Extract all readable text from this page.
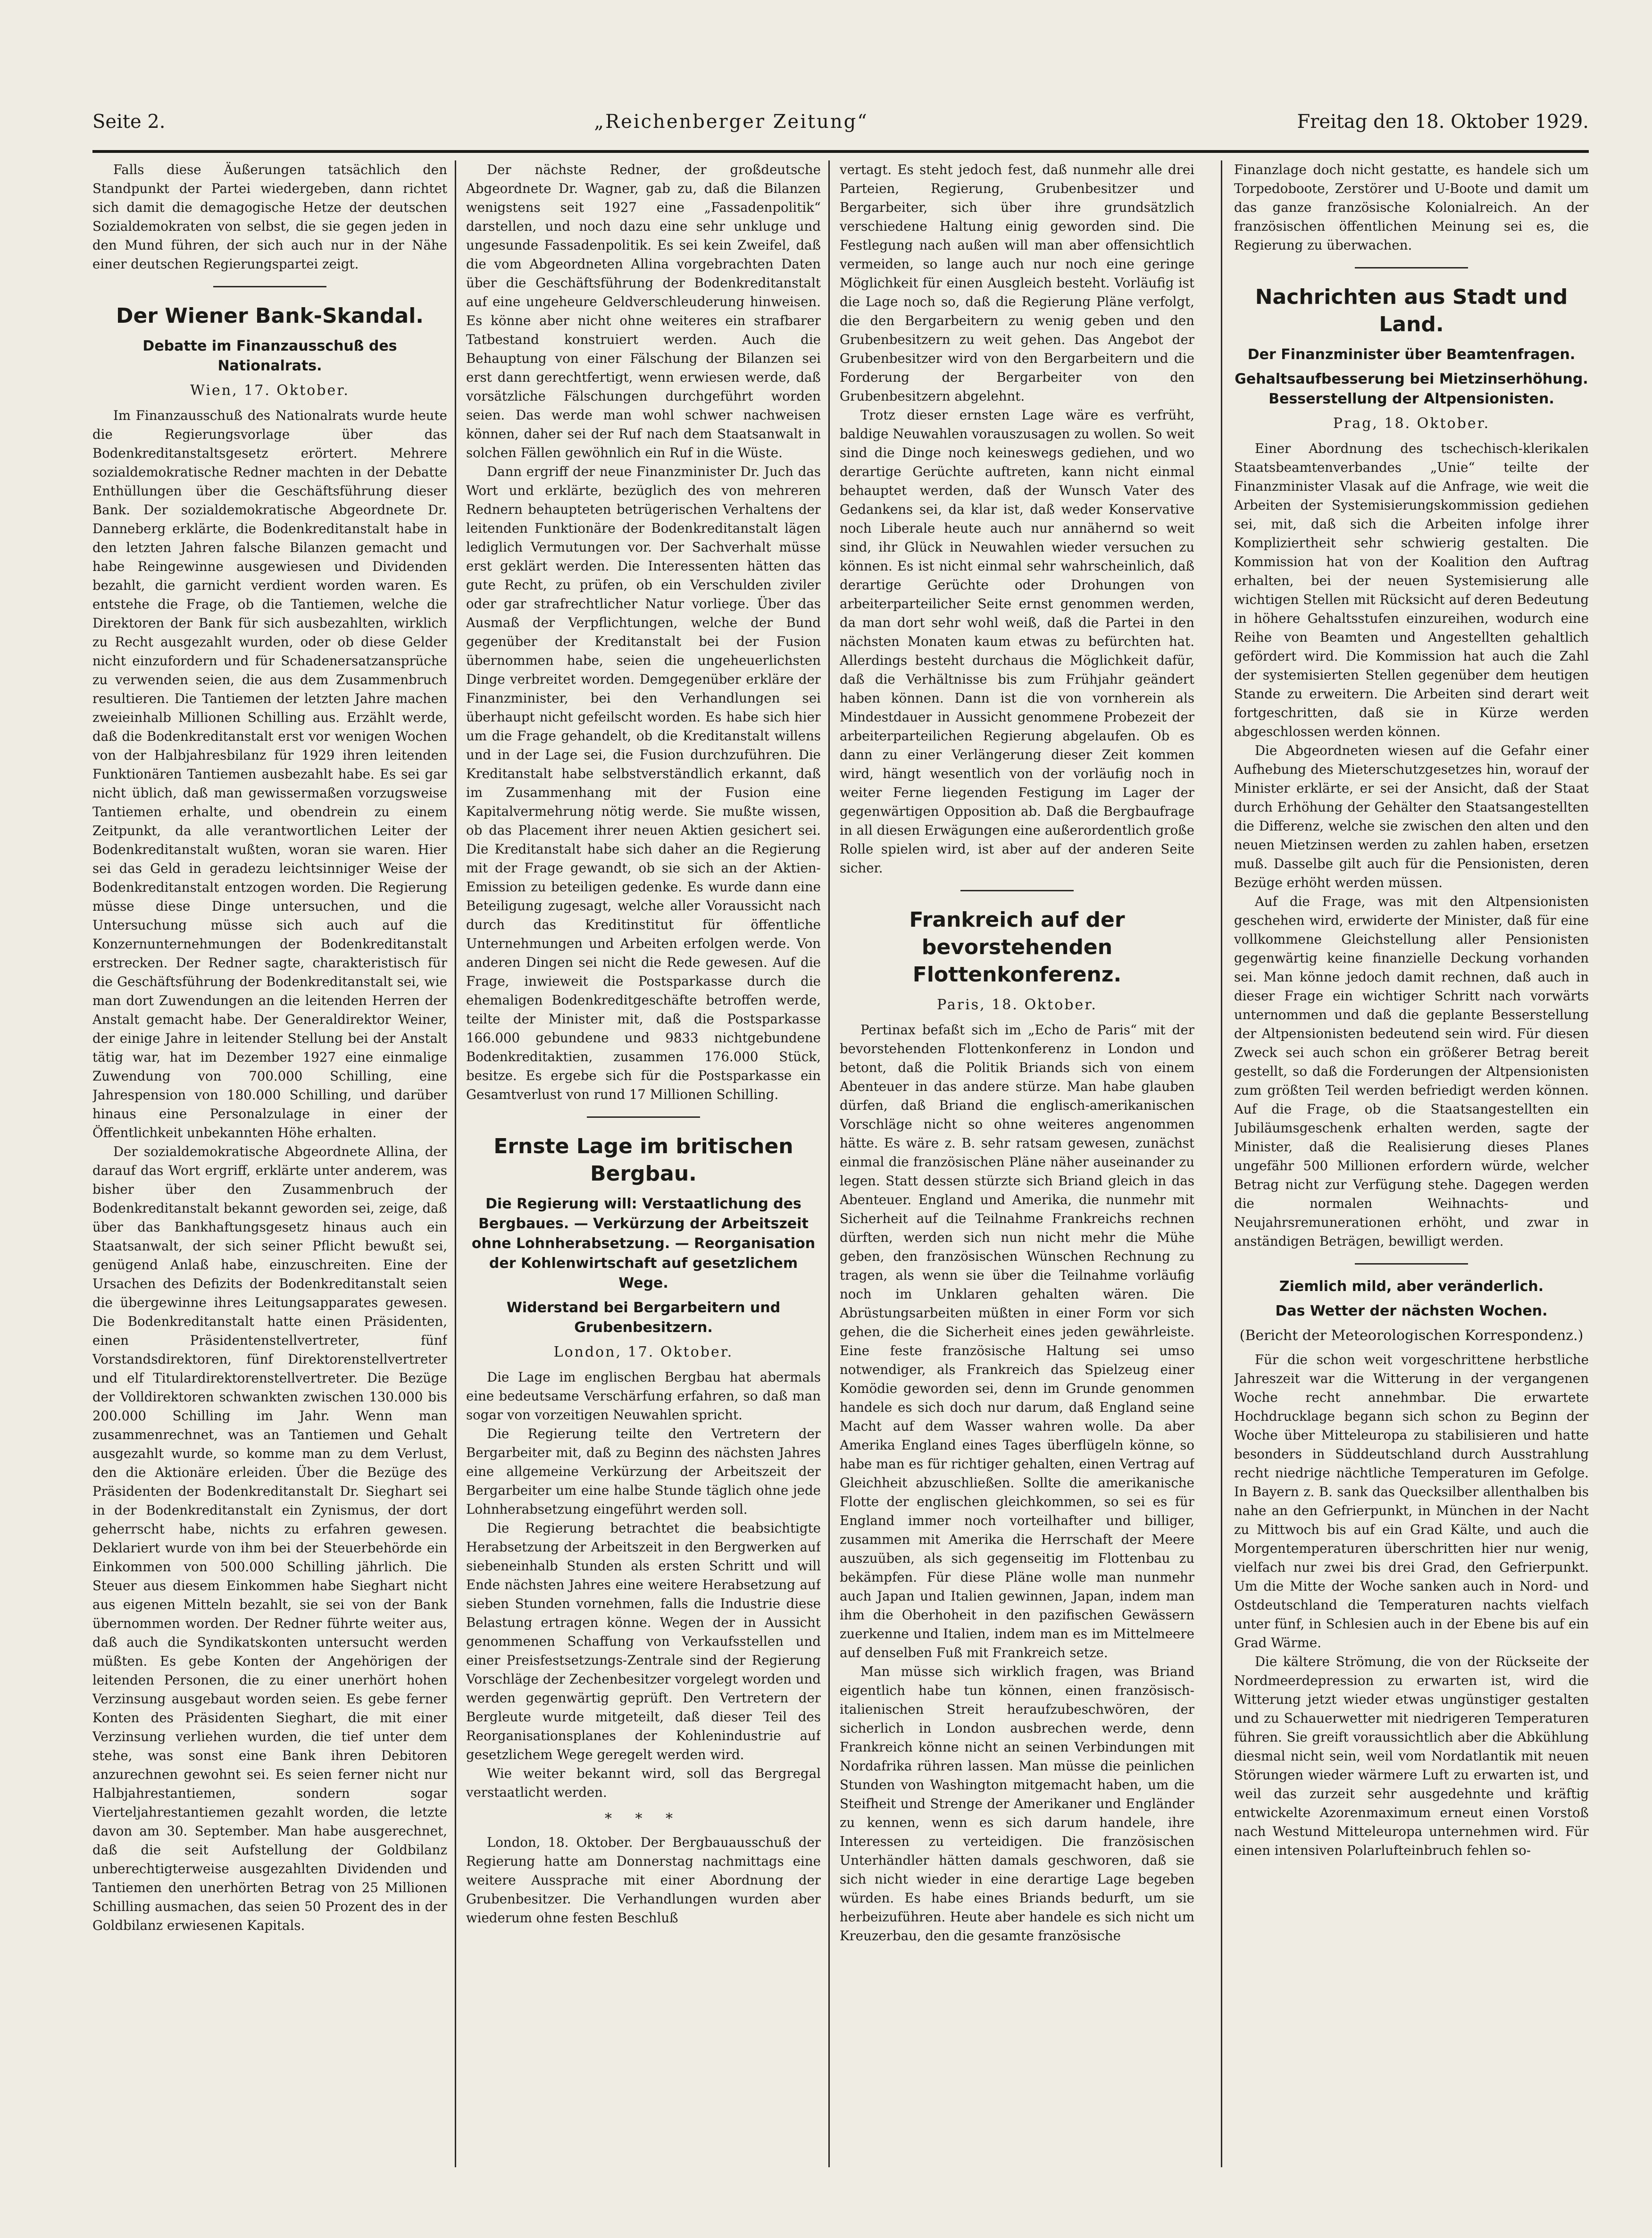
Seite 2.	„Reichenberger Zeitung“	Freitag den 18. Oktober 1929.

Falls diese Äußerungen tatsächlich den Standpunkt der Partei wiedergeben, dann richtet sich damit die demagogische Hetze der deutschen Sozialdemokraten von selbst, die sie gegen jeden in den Mund führen, der sich auch nur in der Nähe einer deutschen Regierungspartei zeigt.

Der Wiener Bank-Skandal.
Debatte im Finanzausschuß des Nationalrats.
Wien, 17. Oktober.

Im Finanzausschuß des Nationalrats wurde heute die Regierungsvorlage über das Bodenkreditanstaltsgesetz erörtert. Mehrere sozialdemokratische Redner machten in der Debatte Enthüllungen über die Geschäftsführung dieser Bank. Der sozialdemokratische Abgeordnete Dr. Danneberg erklärte, die Bodenkreditanstalt habe in den letzten Jahren falsche Bilanzen gemacht und habe Reingewinne ausgewiesen und Dividenden bezahlt, die garnicht verdient worden waren. Es entstehe die Frage, ob die Tantiemen, welche die Direktoren der Bank für sich ausbezahlten, wirklich zu Recht ausgezahlt wurden, oder ob diese Gelder nicht einzufordern und für Schadenersatzansprüche zu verwenden seien, die aus dem Zusammenbruch resultieren. Die Tantiemen der letzten Jahre machen zweieinhalb Millionen Schilling aus. Erzählt werde, daß die Bodenkreditanstalt erst vor wenigen Wochen von der Halbjahresbilanz für 1929 ihren leitenden Funktionären Tantiemen ausbezahlt habe. Es sei gar nicht üblich, daß man gewissermaßen vorzugsweise Tantiemen erhalte, und obendrein zu einem Zeitpunkt, da alle verantwortlichen Leiter der Bodenkreditanstalt wußten, woran sie waren. Hier sei das Geld in geradezu leichtsinniger Weise der Bodenkreditanstalt entzogen worden. Die Regierung müsse diese Dinge untersuchen, und die Untersuchung müsse sich auch auf die Konzernunternehmungen der Bodenkreditanstalt erstrecken. Der Redner sagte, charakteristisch für die Geschäftsführung der Bodenkreditanstalt sei, wie man dort Zuwendungen an die leitenden Herren der Anstalt gemacht habe. Der Generaldirektor Weiner, der einige Jahre in leitender Stellung bei der Anstalt tätig war, hat im Dezember 1927 eine einmalige Zuwendung von 700.000 Schilling, eine Jahrespension von 180.000 Schilling, und darüber hinaus eine Personalzulage in einer der Öffentlichkeit unbekannten Höhe erhalten.

Der sozialdemokratische Abgeordnete Allina, der darauf das Wort ergriff, erklärte unter anderem, was bisher über den Zusammenbruch der Bodenkreditanstalt bekannt geworden sei, zeige, daß über das Bankhaftungsgesetz hinaus auch ein Staatsanwalt, der sich seiner Pflicht bewußt sei, genügend Anlaß habe, einzuschreiten. Eine der Ursachen des Defizits der Bodenkreditanstalt seien die übergewinne ihres Leitungsapparates gewesen. Die Bodenkreditanstalt hatte einen Präsidenten, einen Präsidentenstellvertreter, fünf Vorstandsdirektoren, fünf Direktorenstellvertreter und elf Titulardirektorenstellvertreter. Die Bezüge der Volldirektoren schwankten zwischen 130.000 bis 200.000 Schilling im Jahr. Wenn man zusammenrechnet, was an Tantiemen und Gehalt ausgezahlt wurde, so komme man zu dem Verlust, den die Aktionäre erleiden. Über die Bezüge des Präsidenten der Bodenkreditanstalt Dr. Sieghart sei in der Bodenkreditanstalt ein Zynismus, der dort geherrscht habe, nichts zu erfahren gewesen. Deklariert wurde von ihm bei der Steuerbehörde ein Einkommen von 500.000 Schilling jährlich. Die Steuer aus diesem Einkommen habe Sieghart nicht aus eigenen Mitteln bezahlt, sie sei von der Bank übernommen worden. Der Redner führte weiter aus, daß auch die Syndikatskonten untersucht werden müßten. Es gebe Konten der Angehörigen der leitenden Personen, die zu einer unerhört hohen Verzinsung ausgebaut worden seien. Es gebe ferner Konten des Präsidenten Sieghart, die mit einer Verzinsung verliehen wurden, die tief unter dem stehe, was sonst eine Bank ihren Debitoren anzurechnen gewohnt sei. Es seien ferner nicht nur Halbjahrestantiemen, sondern sogar Vierteljahrestantiemen gezahlt worden, die letzte davon am 30. September. Man habe ausgerechnet, daß die seit Aufstellung der Goldbilanz unberechtigterweise ausgezahlten Dividenden und Tantiemen den unerhörten Betrag von 25 Millionen Schilling ausmachen, das seien 50 Prozent des in der Goldbilanz erwiesenen Kapitals.

Der nächste Redner, der großdeutsche Abgeordnete Dr. Wagner, gab zu, daß die Bilanzen wenigstens seit 1927 eine „Fassadenpolitik“ darstellen, und noch dazu eine sehr unkluge und ungesunde Fassadenpolitik. Es sei kein Zweifel, daß die vom Abgeordneten Allina vorgebrachten Daten über die Geschäftsführung der Bodenkreditanstalt auf eine ungeheure Geldverschleuderung hinweisen. Es könne aber nicht ohne weiteres ein strafbarer Tatbestand konstruiert werden. Auch die Behauptung von einer Fälschung der Bilanzen sei erst dann gerechtfertigt, wenn erwiesen werde, daß vorsätzliche Fälschungen durchgeführt worden seien. Das werde man wohl schwer nachweisen können, daher sei der Ruf nach dem Staatsanwalt in solchen Fällen gewöhnlich ein Ruf in die Wüste.

Dann ergriff der neue Finanzminister Dr. Juch das Wort und erklärte, bezüglich des von mehreren Rednern behaupteten betrügerischen Verhaltens der leitenden Funktionäre der Bodenkreditanstalt lägen lediglich Vermutungen vor. Der Sachverhalt müsse erst geklärt werden. Die Interessenten hätten das gute Recht, zu prüfen, ob ein Verschulden ziviler oder gar strafrechtlicher Natur vorliege. Über das Ausmaß der Verpflichtungen, welche der Bund gegenüber der Kreditanstalt bei der Fusion übernommen habe, seien die ungeheuerlichsten Dinge verbreitet worden. Demgegenüber erkläre der Finanzminister, bei den Verhandlungen sei überhaupt nicht gefeilscht worden. Es habe sich hier um die Frage gehandelt, ob die Kreditanstalt willens und in der Lage sei, die Fusion durchzuführen. Die Kreditanstalt habe selbstverständlich erkannt, daß im Zusammenhang mit der Fusion eine Kapitalvermehrung nötig werde. Sie mußte wissen, ob das Placement ihrer neuen Aktien gesichert sei. Die Kreditanstalt habe sich daher an die Regierung mit der Frage gewandt, ob sie sich an der Aktien-Emission zu beteiligen gedenke. Es wurde dann eine Beteiligung zugesagt, welche aller Voraussicht nach durch das Kreditinstitut für öffentliche Unternehmungen und Arbeiten erfolgen werde. Von anderen Dingen sei nicht die Rede gewesen. Auf die Frage, inwieweit die Postsparkasse durch die ehemaligen Bodenkreditgeschäfte betroffen werde, teilte der Minister mit, daß die Postsparkasse 166.000 gebundene und 9833 nichtgebundene Bodenkreditaktien, zusammen 176.000 Stück, besitze. Es ergebe sich für die Postsparkasse ein Gesamtverlust von rund 17 Millionen Schilling.

Ernste Lage im britischen Bergbau.
Die Regierung will: Verstaatlichung des Bergbaues. — Verkürzung der Arbeitszeit ohne Lohnherabsetzung. — Reorganisation der Kohlenwirtschaft auf gesetzlichem Wege.
Widerstand bei Bergarbeitern und Grubenbesitzern.
London, 17. Oktober.

Die Lage im englischen Bergbau hat abermals eine bedeutsame Verschärfung erfahren, so daß man sogar von vorzeitigen Neuwahlen spricht.

Die Regierung teilte den Vertretern der Bergarbeiter mit, daß zu Beginn des nächsten Jahres eine allgemeine Verkürzung der Arbeitszeit der Bergarbeiter um eine halbe Stunde täglich ohne jede Lohnherabsetzung eingeführt werden soll.

Die Regierung betrachtet die beabsichtigte Herabsetzung der Arbeitszeit in den Bergwerken auf siebeneinhalb Stunden als ersten Schritt und will Ende nächsten Jahres eine weitere Herabsetzung auf sieben Stunden vornehmen, falls die Industrie diese Belastung ertragen könne. Wegen der in Aussicht genommenen Schaffung von Verkaufsstellen und einer Preisfestsetzungs-Zentrale sind der Regierung Vorschläge der Zechenbesitzer vorgelegt worden und werden gegenwärtig geprüft. Den Vertretern der Bergleute wurde mitgeteilt, daß dieser Teil des Reorganisationsplanes der Kohlenindustrie auf gesetzlichem Wege geregelt werden wird.

Wie weiter bekannt wird, soll das Bergregal verstaatlicht werden.

* * *

London, 18. Oktober. Der Bergbauausschuß der Regierung hatte am Donnerstag nachmittags eine weitere Aussprache mit einer Abordnung der Grubenbesitzer. Die Verhandlungen wurden aber wiederum ohne festen Beschluß

vertagt. Es steht jedoch fest, daß nunmehr alle drei Parteien, Regierung, Grubenbesitzer und Bergarbeiter, sich über ihre grundsätzlich verschiedene Haltung einig geworden sind. Die Festlegung nach außen will man aber offensichtlich vermeiden, so lange auch nur noch eine geringe Möglichkeit für einen Ausgleich besteht. Vorläufig ist die Lage noch so, daß die Regierung Pläne verfolgt, die den Bergarbeitern zu wenig geben und den Grubenbesitzern zu weit gehen. Das Angebot der Grubenbesitzer wird von den Bergarbeitern und die Forderung der Bergarbeiter von den Grubenbesitzern abgelehnt.

Trotz dieser ernsten Lage wäre es verfrüht, baldige Neuwahlen vorauszusagen zu wollen. So weit sind die Dinge noch keineswegs gediehen, und wo derartige Gerüchte auftreten, kann nicht einmal behauptet werden, daß der Wunsch Vater des Gedankens sei, da klar ist, daß weder Konservative noch Liberale heute auch nur annähernd so weit sind, ihr Glück in Neuwahlen wieder versuchen zu können. Es ist nicht einmal sehr wahrscheinlich, daß derartige Gerüchte oder Drohungen von arbeiterparteilicher Seite ernst genommen werden, da man dort sehr wohl weiß, daß die Partei in den nächsten Monaten kaum etwas zu befürchten hat. Allerdings besteht durchaus die Möglichkeit dafür, daß die Verhältnisse bis zum Frühjahr geändert haben können. Dann ist die von vornherein als Mindestdauer in Aussicht genommene Probezeit der arbeiterparteilichen Regierung abgelaufen. Ob es dann zu einer Verlängerung dieser Zeit kommen wird, hängt wesentlich von der vorläufig noch in weiter Ferne liegenden Festigung im Lager der gegenwärtigen Opposition ab. Daß die Bergbaufrage in all diesen Erwägungen eine außerordentlich große Rolle spielen wird, ist aber auf der anderen Seite sicher.

Frankreich auf der bevorstehenden Flottenkonferenz.
Paris, 18. Oktober.

Pertinax befaßt sich im „Echo de Paris“ mit der bevorstehenden Flottenkonferenz in London und betont, daß die Politik Briands sich von einem Abenteuer in das andere stürze. Man habe glauben dürfen, daß Briand die englisch-amerikanischen Vorschläge nicht so ohne weiteres angenommen hätte. Es wäre z. B. sehr ratsam gewesen, zunächst einmal die französischen Pläne näher auseinander zu legen. Statt dessen stürzte sich Briand gleich in das Abenteuer. England und Amerika, die nunmehr mit Sicherheit auf die Teilnahme Frankreichs rechnen dürften, werden sich nun nicht mehr die Mühe geben, den französischen Wünschen Rechnung zu tragen, als wenn sie über die Teilnahme vorläufig noch im Unklaren gehalten wären. Die Abrüstungsarbeiten müßten in einer Form vor sich gehen, die die Sicherheit eines jeden gewährleiste. Eine feste französische Haltung sei umso notwendiger, als Frankreich das Spielzeug einer Komödie geworden sei, denn im Grunde genommen handele es sich doch nur darum, daß England seine Macht auf dem Wasser wahren wolle. Da aber Amerika England eines Tages überflügeln könne, so habe man es für richtiger gehalten, einen Vertrag auf Gleichheit abzuschließen. Sollte die amerikanische Flotte der englischen gleichkommen, so sei es für England immer noch vorteilhafter und billiger, zusammen mit Amerika die Herrschaft der Meere auszuüben, als sich gegenseitig im Flottenbau zu bekämpfen. Für diese Pläne wolle man nunmehr auch Japan und Italien gewinnen, Japan, indem man ihm die Oberhoheit in den pazifischen Gewässern zuerkenne und Italien, indem man es im Mittelmeere auf denselben Fuß mit Frankreich setze.

Man müsse sich wirklich fragen, was Briand eigentlich habe tun können, einen französisch-italienischen Streit heraufzubeschwören, der sicherlich in London ausbrechen werde, denn Frankreich könne nicht an seinen Verbindungen mit Nordafrika rühren lassen. Man müsse die peinlichen Stunden von Washington mitgemacht haben, um die Steifheit und Strenge der Amerikaner und Engländer zu kennen, wenn es sich darum handele, ihre Interessen zu verteidigen. Die französischen Unterhändler hätten damals geschworen, daß sie sich nicht wieder in eine derartige Lage begeben würden. Es habe eines Briands bedurft, um sie herbeizuführen. Heute aber handele es sich nicht um Kreuzerbau, den die gesamte französische

Finanzlage doch nicht gestatte, es handele sich um Torpedoboote, Zerstörer und U-Boote und damit um das ganze französische Kolonialreich. An der französischen öffentlichen Meinung sei es, die Regierung zu überwachen.

Nachrichten aus Stadt und Land.
Der Finanzminister über Beamtenfragen.
Gehaltsaufbesserung bei Mietzinserhöhung. Besserstellung der Altpensionisten.
Prag, 18. Oktober.

Einer Abordnung des tschechisch-klerikalen Staatsbeamtenverbandes „Unie“ teilte der Finanzminister Vlasak auf die Anfrage, wie weit die Arbeiten der Systemisierungskommission gediehen sei, mit, daß sich die Arbeiten infolge ihrer Kompliziertheit sehr schwierig gestalten. Die Kommission hat von der Koalition den Auftrag erhalten, bei der neuen Systemisierung alle wichtigen Stellen mit Rücksicht auf deren Bedeutung in höhere Gehaltsstufen einzureihen, wodurch eine Reihe von Beamten und Angestellten gehaltlich gefördert wird. Die Kommission hat auch die Zahl der systemisierten Stellen gegenüber dem heutigen Stande zu erweitern. Die Arbeiten sind derart weit fortgeschritten, daß sie in Kürze werden abgeschlossen werden können.

Die Abgeordneten wiesen auf die Gefahr einer Aufhebung des Mieterschutzgesetzes hin, worauf der Minister erklärte, er sei der Ansicht, daß der Staat durch Erhöhung der Gehälter den Staatsangestellten die Differenz, welche sie zwischen den alten und den neuen Mietzinsen werden zu zahlen haben, ersetzen muß. Dasselbe gilt auch für die Pensionisten, deren Bezüge erhöht werden müssen.

Auf die Frage, was mit den Altpensionisten geschehen wird, erwiderte der Minister, daß für eine vollkommene Gleichstellung aller Pensionisten gegenwärtig keine finanzielle Deckung vorhanden sei. Man könne jedoch damit rechnen, daß auch in dieser Frage ein wichtiger Schritt nach vorwärts unternommen und daß die geplante Besserstellung der Altpensionisten bedeutend sein wird. Für diesen Zweck sei auch schon ein größerer Betrag bereit gestellt, so daß die Forderungen der Altpensionisten zum größten Teil werden befriedigt werden können. Auf die Frage, ob die Staatsangestellten ein Jubiläumsgeschenk erhalten werden, sagte der Minister, daß die Realisierung dieses Planes ungefähr 500 Millionen erfordern würde, welcher Betrag nicht zur Verfügung stehe. Dagegen werden die normalen Weihnachts- und Neujahrsremunerationen erhöht, und zwar in anständigen Beträgen, bewilligt werden.

Ziemlich mild, aber veränderlich.
Das Wetter der nächsten Wochen.
(Bericht der Meteorologischen Korrespondenz.)

Für die schon weit vorgeschrittene herbstliche Jahreszeit war die Witterung in der vergangenen Woche recht annehmbar. Die erwartete Hochdrucklage begann sich schon zu Beginn der Woche über Mitteleuropa zu stabilisieren und hatte besonders in Süddeutschland durch Ausstrahlung recht niedrige nächtliche Temperaturen im Gefolge. In Bayern z. B. sank das Quecksilber allenthalben bis nahe an den Gefrierpunkt, in München in der Nacht zu Mittwoch bis auf ein Grad Kälte, und auch die Morgentemperaturen überschritten hier nur wenig, vielfach nur zwei bis drei Grad, den Gefrierpunkt. Um die Mitte der Woche sanken auch in Nord- und Ostdeutschland die Temperaturen nachts vielfach unter fünf, in Schlesien auch in der Ebene bis auf ein Grad Wärme.

Die kältere Strömung, die von der Rückseite der Nordmeerdepression zu erwarten ist, wird die Witterung jetzt wieder etwas ungünstiger gestalten und zu Schauerwetter mit niedrigeren Temperaturen führen. Sie greift voraussichtlich aber die Abkühlung diesmal nicht sein, weil vom Nordatlantik mit neuen Störungen wieder wärmere Luft zu erwarten ist, und weil das zurzeit sehr ausgedehnte und kräftig entwickelte Azorenmaximum erneut einen Vorstoß nach Westund Mitteleuropa unternehmen wird. Für einen intensiven Polarlufteinbruch fehlen so-
